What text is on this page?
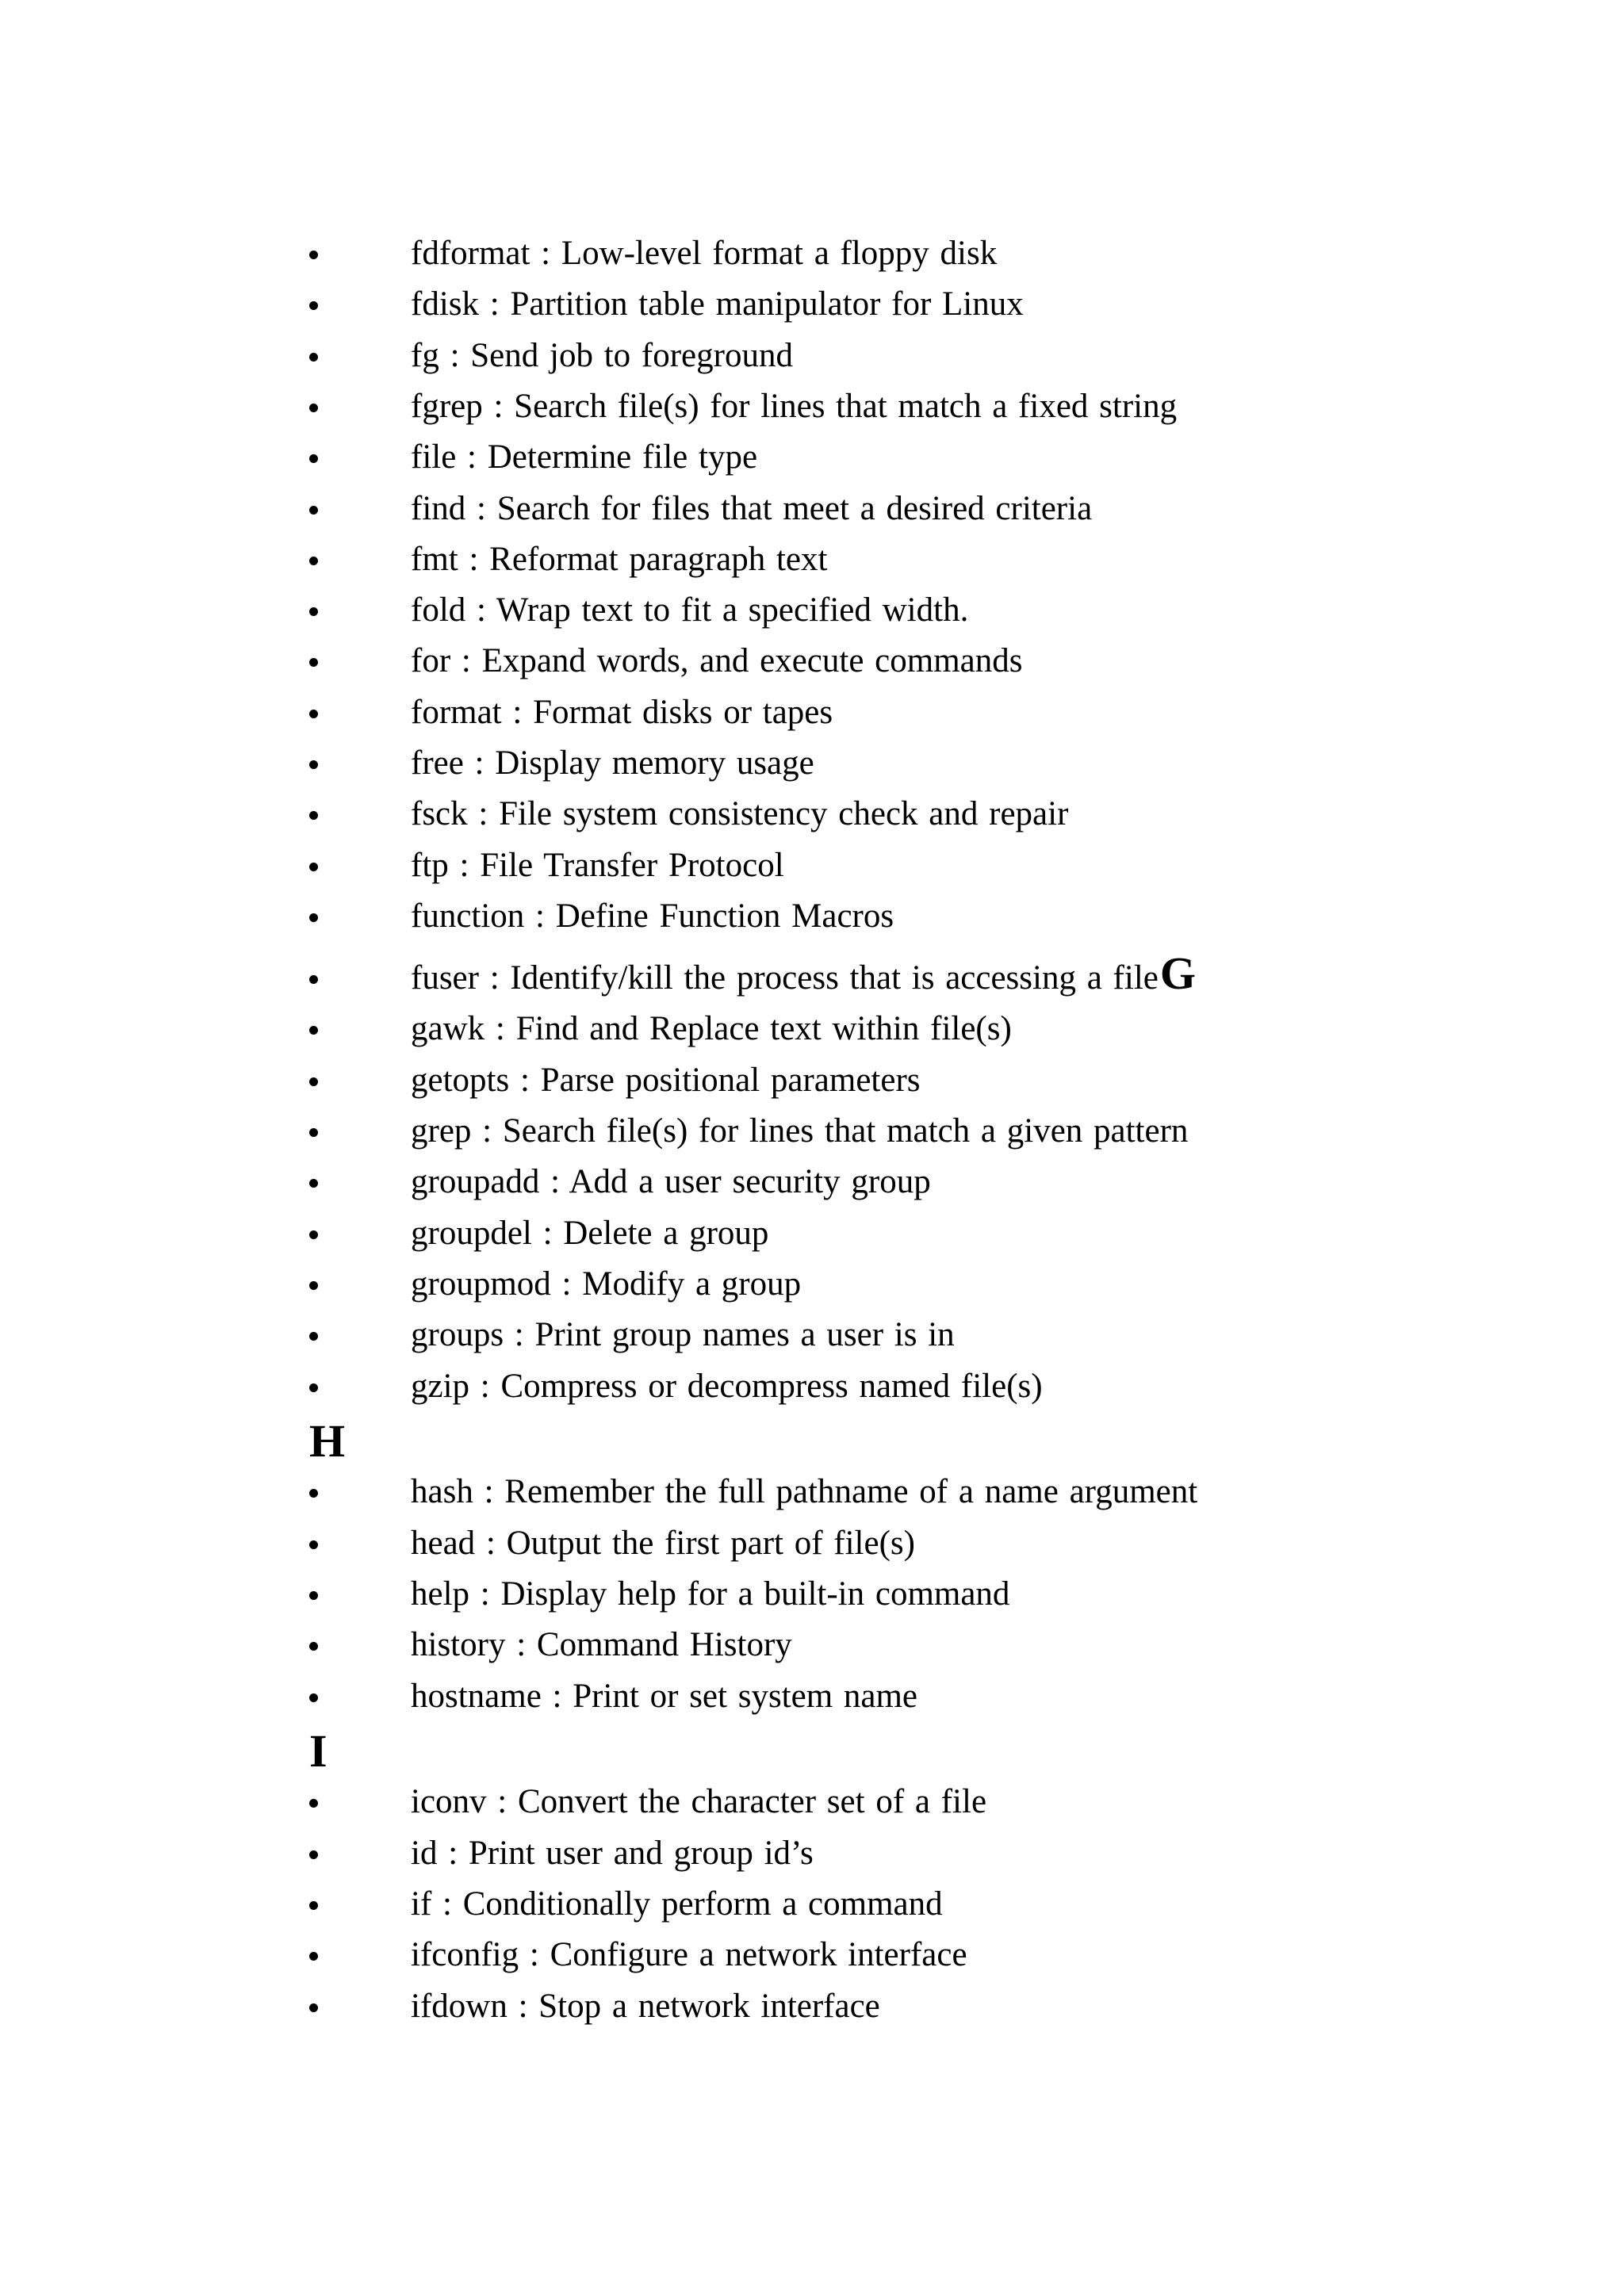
fdformat : Low-level format a floppy disk
fdisk : Partition table manipulator for Linux
fg : Send job to foreground
fgrep : Search file(s) for lines that match a fixed string
file : Determine file type
find : Search for files that meet a desired criteria
fmt : Reformat paragraph text
fold : Wrap text to fit a specified width.
for : Expand words, and execute commands
format : Format disks or tapes
free : Display memory usage
fsck : File system consistency check and repair
ftp : File Transfer Protocol
function : Define Function Macros
fuser : Identify/kill the process that is accessing a fileG
gawk : Find and Replace text within file(s)
getopts : Parse positional parameters
grep : Search file(s) for lines that match a given pattern
groupadd : Add a user security group
groupdel : Delete a group
groupmod : Modify a group
groups : Print group names a user is in
gzip : Compress or decompress named file(s)
H
hash : Remember the full pathname of a name argument
head : Output the first part of file(s)
help : Display help for a built-in command
history : Command History
hostname : Print or set system name
I
iconv : Convert the character set of a file
id : Print user and group id’s
if : Conditionally perform a command
ifconfig : Configure a network interface
ifdown : Stop a network interface
